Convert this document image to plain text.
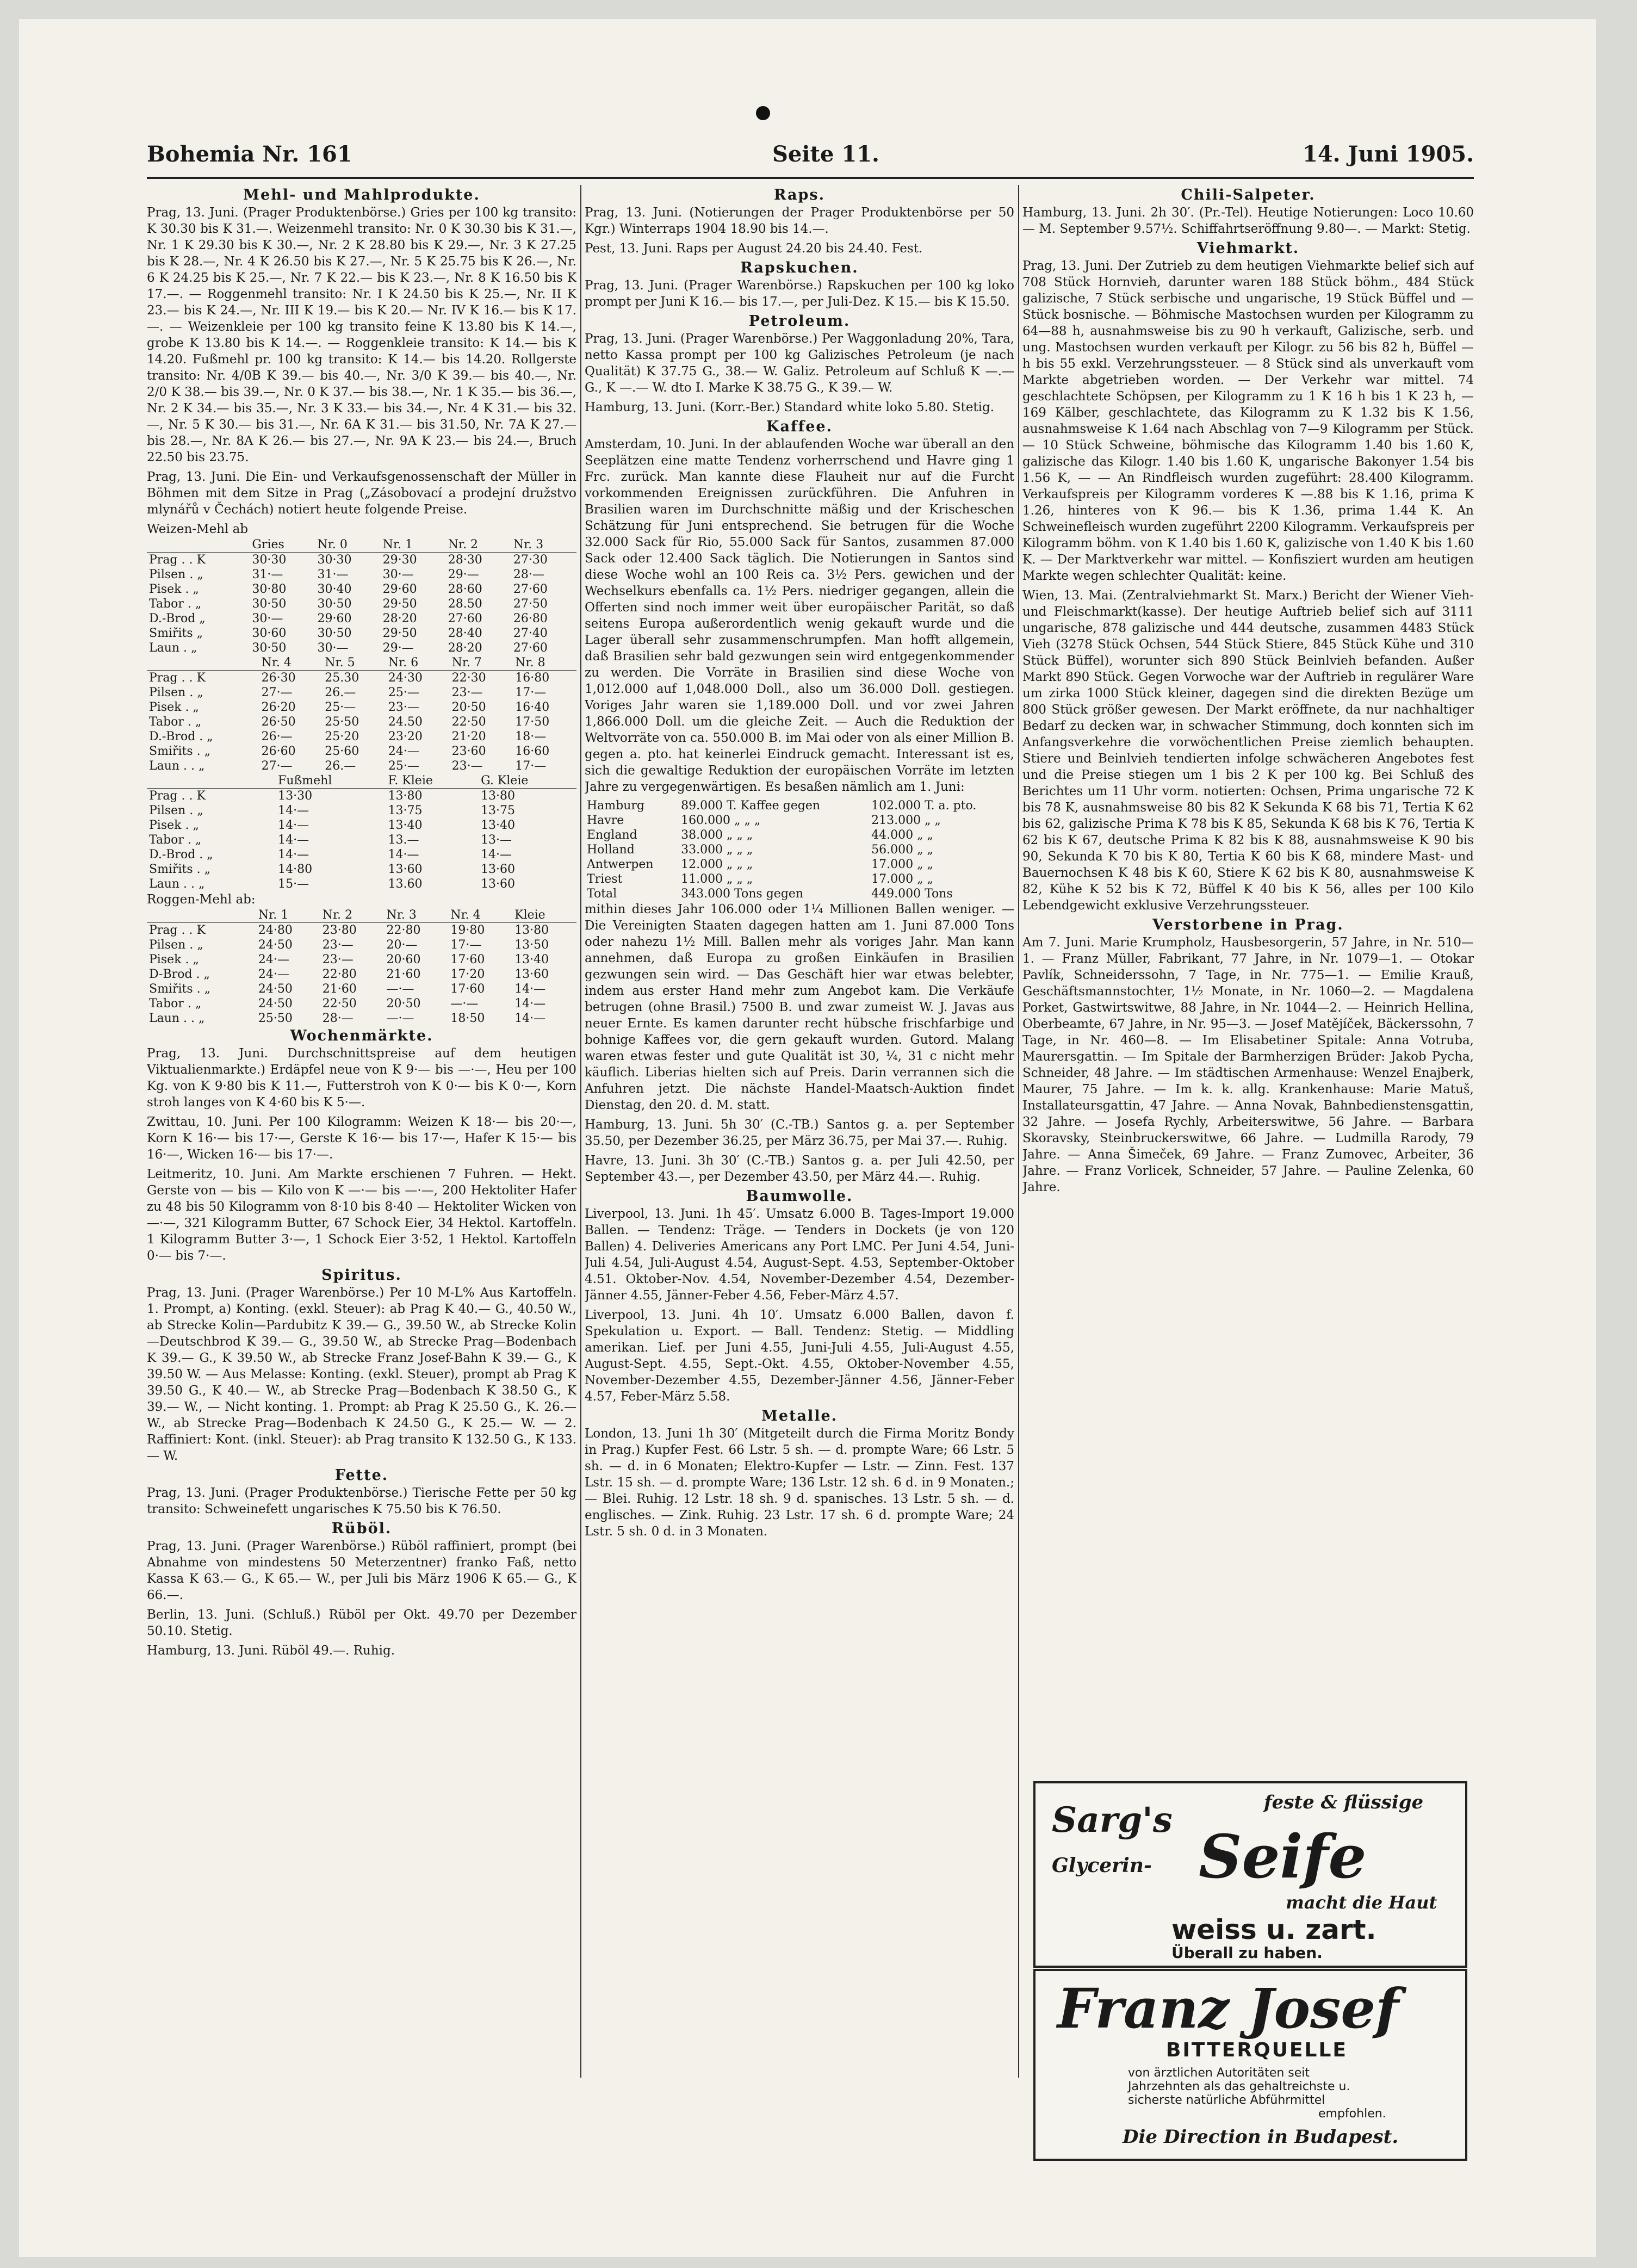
Bohemia Nr. 161	Seite 11.	14. Juni 1905.
Mehl- und Mahlprodukte.
Prag, 13. Juni. (Prager Produktenbörse.) Gries per 100 kg transito: K 30.30 bis K 31.—. Weizenmehl transito: Nr. 0 K 30.30 bis K 31.—, Nr. 1 K 29.30 bis K 30.—, Nr. 2 K 28.80 bis K 29.—, Nr. 3 K 27.25 bis K 28.—, Nr. 4 K 26.50 bis K 27.—, Nr. 5 K 25.75 bis K 26.—, Nr. 6 K 24.25 bis K 25.—, Nr. 7 K 22.— bis K 23.—, Nr. 8 K 16.50 bis K 17.—. — Roggenmehl transito: Nr. I K 24.50 bis K 25.—, Nr. II K 23.— bis K 24.—, Nr. III K 19.— bis K 20.— Nr. IV K 16.— bis K 17.—. — Weizenkleie per 100 kg transito feine K 13.80 bis K 14.—, grobe K 13.80 bis K 14.—. — Roggenkleie transito: K 14.— bis K 14.20. Fußmehl pr. 100 kg transito: K 14.— bis 14.20. Rollgerste transito: Nr. 4/0B K 39.— bis 40.—, Nr. 3/0 K 39.— bis 40.—, Nr. 2/0 K 38.— bis 39.—, Nr. 0 K 37.— bis 38.—, Nr. 1 K 35.— bis 36.—, Nr. 2 K 34.— bis 35.—, Nr. 3 K 33.— bis 34.—, Nr. 4 K 31.— bis 32.—, Nr. 5 K 30.— bis 31.—, Nr. 6A K 31.— bis 31.50, Nr. 7A K 27.— bis 28.—, Nr. 8A K 26.— bis 27.—, Nr. 9A K 23.— bis 24.—, Bruch 22.50 bis 23.75.
Prag, 13. Juni. Die Ein- und Verkaufsgenossenschaft der Müller in Böhmen mit dem Sitze in Prag („Zásobovací a prodejní družstvo mlynářů v Čechách) notiert heute folgende Preise.
Weizen-Mehl ab
	Gries	Nr. 0	Nr. 1	Nr. 2	Nr. 3
Prag . . K	30·30	30·30	29·30	28·30	27·30
Pilsen . „	31·—	31·—	30·—	29·—	28·—
Pisek . „	30·80	30·40	29·60	28·60	27·60
Tabor . „	30·50	30·50	29·50	28.50	27·50
D.-Brod „	30·—	29·60	28·20	27·60	26·80
Smiřits „	30·60	30·50	29·50	28·40	27·40
Laun . „	30·50	30·—	29·—	28·20	27·60
	Nr. 4	Nr. 5	Nr. 6	Nr. 7	Nr. 8
Prag . . K	26·30	25.30	24·30	22·30	16·80
Pilsen . „	27·—	26.—	25·—	23·—	17·—
Pisek . „	26·20	25·—	23·—	20·50	16·40
Tabor . „	26·50	25·50	24.50	22·50	17·50
D.-Brod . „	26·—	25·20	23·20	21·20	18·—
Smiřits . „	26·60	25·60	24·—	23·60	16·60
Laun . . „	27·—	26.—	25·—	23·—	17·—
	Fußmehl	F. Kleie	G. Kleie
Prag . . K	13·30	13·80	13·80
Pilsen . „	14·—	13·75	13·75
Pisek . „	14·—	13·40	13·40
Tabor . „	14·—	13.—	13·—
D.-Brod . „	14·—	14·—	14·—
Smiřits . „	14·80	13·60	13·60
Laun . . „	15·—	13.60	13·60
Roggen-Mehl ab:
	Nr. 1	Nr. 2	Nr. 3	Nr. 4	Kleie
Prag . . K	24·80	23·80	22·80	19·80	13·80
Pilsen . „	24·50	23·—	20·—	17·—	13·50
Pisek . „	24·—	23·—	20·60	17·60	13·40
D-Brod . „	24·—	22·80	21·60	17·20	13·60
Smiřits . „	24·50	21·60	—·—	17·60	14·—
Tabor . „	24·50	22·50	20·50	—·—	14·—
Laun . . „	25·50	28·—	—·—	18·50	14·—
Wochenmärkte.
Prag, 13. Juni. Durchschnittspreise auf dem heutigen Viktualienmarkte.) Erdäpfel neue von K 9·— bis —·—, Heu per 100 Kg. von K 9·80 bis K 11.—, Futterstroh von K 0·— bis K 0·—, Korn stroh langes von K 4·60 bis K 5·—.
Zwittau, 10. Juni. Per 100 Kilogramm: Weizen K 18·— bis 20·—, Korn K 16·— bis 17·—, Gerste K 16·— bis 17·—, Hafer K 15·— bis 16·—, Wicken 16·— bis 17·—.
Leitmeritz, 10. Juni. Am Markte erschienen 7 Fuhren. — Hekt. Gerste von — bis — Kilo von K —·— bis —·—, 200 Hektoliter Hafer zu 48 bis 50 Kilogramm von 8·10 bis 8·40 — Hektoliter Wicken von —·—, 321 Kilogramm Butter, 67 Schock Eier, 34 Hektol. Kartoffeln. 1 Kilogramm Butter 3·—, 1 Schock Eier 3·52, 1 Hektol. Kartoffeln 0·— bis 7·—.
Spiritus.
Prag, 13. Juni. (Prager Warenbörse.) Per 10 M-L% Aus Kartoffeln. 1. Prompt, a) Konting. (exkl. Steuer): ab Prag K 40.— G., 40.50 W., ab Strecke Kolin—Pardubitz K 39.— G., 39.50 W., ab Strecke Kolin—Deutschbrod K 39.— G., 39.50 W., ab Strecke Prag—Bodenbach K 39.— G., K 39.50 W., ab Strecke Franz Josef-Bahn K 39.— G., K 39.50 W. — Aus Melasse: Konting. (exkl. Steuer), prompt ab Prag K 39.50 G., K 40.— W., ab Strecke Prag—Bodenbach K 38.50 G., K 39.— W., — Nicht konting. 1. Prompt: ab Prag K 25.50 G., K. 26.— W., ab Strecke Prag—Bodenbach K 24.50 G., K 25.— W. — 2. Raffiniert: Kont. (inkl. Steuer): ab Prag transito K 132.50 G., K 133.— W.
Fette.
Prag, 13. Juni. (Prager Produktenbörse.) Tierische Fette per 50 kg transito: Schweinefett ungarisches K 75.50 bis K 76.50.
Rüböl.
Prag, 13. Juni. (Prager Warenbörse.) Rüböl raffiniert, prompt (bei Abnahme von mindestens 50 Meterzentner) franko Faß, netto Kassa K 63.— G., K 65.— W., per Juli bis März 1906 K 65.— G., K 66.—.
Berlin, 13. Juni. (Schluß.) Rüböl per Okt. 49.70 per Dezember 50.10. Stetig.
Hamburg, 13. Juni. Rüböl 49.—. Ruhig.
Raps.
Prag, 13. Juni. (Notierungen der Prager Produktenbörse per 50 Kgr.) Winterraps 1904 18.90 bis 14.—.
Pest, 13. Juni. Raps per August 24.20 bis 24.40. Fest.
Rapskuchen.
Prag, 13. Juni. (Prager Warenbörse.) Rapskuchen per 100 kg loko prompt per Juni K 16.— bis 17.—, per Juli-Dez. K 15.— bis K 15.50.
Petroleum.
Prag, 13. Juni. (Prager Warenbörse.) Per Waggonladung 20%, Tara, netto Kassa prompt per 100 kg Galizisches Petroleum (je nach Qualität) K 37.75 G., 38.— W. Galiz. Petroleum auf Schluß K —.— G., K —.— W. dto I. Marke K 38.75 G., K 39.— W.
Hamburg, 13. Juni. (Korr.-Ber.) Standard white loko 5.80. Stetig.
Kaffee.
Amsterdam, 10. Juni. In der ablaufenden Woche war überall an den Seeplätzen eine matte Tendenz vorherrschend und Havre ging 1 Frc. zurück. Man kannte diese Flauheit nur auf die Furcht vorkommenden Ereignissen zurückführen. Die Anfuhren in Brasilien waren im Durchschnitte mäßig und der Krischeschen Schätzung für Juni entsprechend. Sie betrugen für die Woche 32.000 Sack für Rio, 55.000 Sack für Santos, zusammen 87.000 Sack oder 12.400 Sack täglich. Die Notierungen in Santos sind diese Woche wohl an 100 Reis ca. 3½ Pers. gewichen und der Wechselkurs ebenfalls ca. 1½ Pers. niedriger gegangen, allein die Offerten sind noch immer weit über europäischer Parität, so daß seitens Europa außerordentlich wenig gekauft wurde und die Lager überall sehr zusammenschrumpfen. Man hofft allgemein, daß Brasilien sehr bald gezwungen sein wird entgegenkommender zu werden. Die Vorräte in Brasilien sind diese Woche von 1,012.000 auf 1,048.000 Doll., also um 36.000 Doll. gestiegen. Voriges Jahr waren sie 1,189.000 Doll. und vor zwei Jahren 1,866.000 Doll. um die gleiche Zeit. — Auch die Reduktion der Weltvorräte von ca. 550.000 B. im Mai oder von als einer Million B. gegen a. pto. hat keinerlei Eindruck gemacht. Interessant ist es, sich die gewaltige Reduktion der europäischen Vorräte im letzten Jahre zu vergegenwärtigen. Es besaßen nämlich am 1. Juni:
Hamburg	89.000 T. Kaffee gegen	102.000 T. a. pto.
Havre	160.000 „ „ „	213.000 „ „
England	38.000 „ „ „	44.000 „ „
Holland	33.000 „ „ „	56.000 „ „
Antwerpen	12.000 „ „ „	17.000 „ „
Triest	11.000 „ „ „	17.000 „ „
Total	343.000 Tons gegen	449.000 Tons
mithin dieses Jahr 106.000 oder 1¼ Millionen Ballen weniger. — Die Vereinigten Staaten dagegen hatten am 1. Juni 87.000 Tons oder nahezu 1½ Mill. Ballen mehr als voriges Jahr. Man kann annehmen, daß Europa zu großen Einkäufen in Brasilien gezwungen sein wird. — Das Geschäft hier war etwas belebter, indem aus erster Hand mehr zum Angebot kam. Die Verkäufe betrugen (ohne Brasil.) 7500 B. und zwar zumeist W. J. Javas aus neuer Ernte. Es kamen darunter recht hübsche frischfarbige und bohnige Kaffees vor, die gern gekauft wurden. Gutord. Malang waren etwas fester und gute Qualität ist 30, ¼, 31 c nicht mehr käuflich. Liberias hielten sich auf Preis. Darin verrannen sich die Anfuhren jetzt. Die nächste Handel-Maatsch-Auktion findet Dienstag, den 20. d. M. statt.
Hamburg, 13. Juni. 5h 30′ (C.-TB.) Santos g. a. per September 35.50, per Dezember 36.25, per März 36.75, per Mai 37.—. Ruhig.
Havre, 13. Juni. 3h 30′ (C.-TB.) Santos g. a. per Juli 42.50, per September 43.—, per Dezember 43.50, per März 44.—. Ruhig.
Baumwolle.
Liverpool, 13. Juni. 1h 45′. Umsatz 6.000 B. Tages-Import 19.000 Ballen. — Tendenz: Träge. — Tenders in Dockets (je von 120 Ballen) 4. Deliveries Americans any Port LMC. Per Juni 4.54, Juni-Juli 4.54, Juli-August 4.54, August-Sept. 4.53, September-Oktober 4.51. Oktober-Nov. 4.54, November-Dezember 4.54, Dezember-Jänner 4.55, Jänner-Feber 4.56, Feber-März 4.57.
Liverpool, 13. Juni. 4h 10′. Umsatz 6.000 Ballen, davon f. Spekulation u. Export. — Ball. Tendenz: Stetig. — Middling amerikan. Lief. per Juni 4.55, Juni-Juli 4.55, Juli-August 4.55, August-Sept. 4.55, Sept.-Okt. 4.55, Oktober-November 4.55, November-Dezember 4.55, Dezember-Jänner 4.56, Jänner-Feber 4.57, Feber-März 5.58.
Metalle.
London, 13. Juni 1h 30′ (Mitgeteilt durch die Firma Moritz Bondy in Prag.) Kupfer Fest. 66 Lstr. 5 sh. — d. prompte Ware; 66 Lstr. 5 sh. — d. in 6 Monaten; Elektro-Kupfer — Lstr. — Zinn. Fest. 137 Lstr. 15 sh. — d. prompte Ware; 136 Lstr. 12 sh. 6 d. in 9 Monaten.; — Blei. Ruhig. 12 Lstr. 18 sh. 9 d. spanisches. 13 Lstr. 5 sh. — d. englisches. — Zink. Ruhig. 23 Lstr. 17 sh. 6 d. prompte Ware; 24 Lstr. 5 sh. 0 d. in 3 Monaten.
Chili-Salpeter.
Hamburg, 13. Juni. 2h 30′. (Pr.-Tel). Heutige Notierungen: Loco 10.60— M. September 9.57½. Schiffahrtseröffnung 9.80—. — Markt: Stetig.
Viehmarkt.
Prag, 13. Juni. Der Zutrieb zu dem heutigen Viehmarkte belief sich auf 708 Stück Hornvieh, darunter waren 188 Stück böhm., 484 Stück galizische, 7 Stück serbische und ungarische, 19 Stück Büffel und — Stück bosnische. — Böhmische Mastochsen wurden per Kilogramm zu 64—88 h, ausnahmsweise bis zu 90 h verkauft, Galizische, serb. und ung. Mastochsen wurden verkauft per Kilogr. zu 56 bis 82 h, Büffel — h bis 55 exkl. Verzehrungssteuer. — 8 Stück sind als unverkauft vom Markte abgetrieben worden. — Der Verkehr war mittel. 74 geschlachtete Schöpsen, per Kilogramm zu 1 K 16 h bis 1 K 23 h, — 169 Kälber, geschlachtete, das Kilogramm zu K 1.32 bis K 1.56, ausnahmsweise K 1.64 nach Abschlag von 7—9 Kilogramm per Stück. — 10 Stück Schweine, böhmische das Kilogramm 1.40 bis 1.60 K, galizische das Kilogr. 1.40 bis 1.60 K, ungarische Bakonyer 1.54 bis 1.56 K, — — An Rindfleisch wurden zugeführt: 28.400 Kilogramm. Verkaufspreis per Kilogramm vorderes K —.88 bis K 1.16, prima K 1.26, hinteres von K 96.— bis K 1.36, prima 1.44 K. An Schweinefleisch wurden zugeführt 2200 Kilogramm. Verkaufspreis per Kilogramm böhm. von K 1.40 bis 1.60 K, galizische von 1.40 K bis 1.60 K. — Der Marktverkehr war mittel. — Konfisziert wurden am heutigen Markte wegen schlechter Qualität: keine.
Wien, 13. Mai. (Zentralviehmarkt St. Marx.) Bericht der Wiener Vieh- und Fleischmarkt(kasse). Der heutige Auftrieb belief sich auf 3111 ungarische, 878 galizische und 444 deutsche, zusammen 4483 Stück Vieh (3278 Stück Ochsen, 544 Stück Stiere, 845 Stück Kühe und 310 Stück Büffel), worunter sich 890 Stück Beinlvieh befanden. Außer Markt 890 Stück. Gegen Vorwoche war der Auftrieb in regulärer Ware um zirka 1000 Stück kleiner, dagegen sind die direkten Bezüge um 800 Stück größer gewesen. Der Markt eröffnete, da nur nachhaltiger Bedarf zu decken war, in schwacher Stimmung, doch konnten sich im Anfangsverkehre die vorwöchentlichen Preise ziemlich behaupten. Stiere und Beinlvieh tendierten infolge schwächeren Angebotes fest und die Preise stiegen um 1 bis 2 K per 100 kg. Bei Schluß des Berichtes um 11 Uhr vorm. notierten: Ochsen, Prima ungarische 72 K bis 78 K, ausnahmsweise 80 bis 82 K Sekunda K 68 bis 71, Tertia K 62 bis 62, galizische Prima K 78 bis K 85, Sekunda K 68 bis K 76, Tertia K 62 bis K 67, deutsche Prima K 82 bis K 88, ausnahmsweise K 90 bis 90, Sekunda K 70 bis K 80, Tertia K 60 bis K 68, mindere Mast- und Bauernochsen K 48 bis K 60, Stiere K 62 bis K 80, ausnahmsweise K 82, Kühe K 52 bis K 72, Büffel K 40 bis K 56, alles per 100 Kilo Lebendgewicht exklusive Verzehrungssteuer.
Verstorbene in Prag.
Am 7. Juni. Marie Krumpholz, Hausbesorgerin, 57 Jahre, in Nr. 510—1. — Franz Müller, Fabrikant, 77 Jahre, in Nr. 1079—1. — Otokar Pavlík, Schneiderssohn, 7 Tage, in Nr. 775—1. — Emilie Krauß, Geschäftsmannstochter, 1½ Monate, in Nr. 1060—2. — Magdalena Porket, Gastwirtswitwe, 88 Jahre, in Nr. 1044—2. — Heinrich Hellina, Oberbeamte, 67 Jahre, in Nr. 95—3. — Josef Matějíček, Bäckerssohn, 7 Tage, in Nr. 460—8. — Im Elisabetiner Spitale: Anna Votruba, Maurersgattin. — Im Spitale der Barmherzigen Brüder: Jakob Pycha, Schneider, 48 Jahre. — Im städtischen Armenhause: Wenzel Enajberk, Maurer, 75 Jahre. — Im k. k. allg. Krankenhause: Marie Matuš, Installateursgattin, 47 Jahre. — Anna Novak, Bahnbedienstensgattin, 32 Jahre. — Josefa Rychly, Arbeiterswitwe, 56 Jahre. — Barbara Skoravsky, Steinbruckerswitwe, 66 Jahre. — Ludmilla Rarody, 79 Jahre. — Anna Šimeček, 69 Jahre. — Franz Zumovec, Arbeiter, 36 Jahre. — Franz Vorlicek, Schneider, 57 Jahre. — Pauline Zelenka, 60 Jahre.
Sarg's
Glycerin- Seife
feste & flüssige
macht die Haut
weiss u. zart.
Überall zu haben.
Franz Josef
BITTERQUELLE
von ärztlichen Autoritäten seit
Jahrzehnten als das gehaltreichste u.
sicherste natürliche Abführmittel
empfohlen.
Die Direction in Budapest.
